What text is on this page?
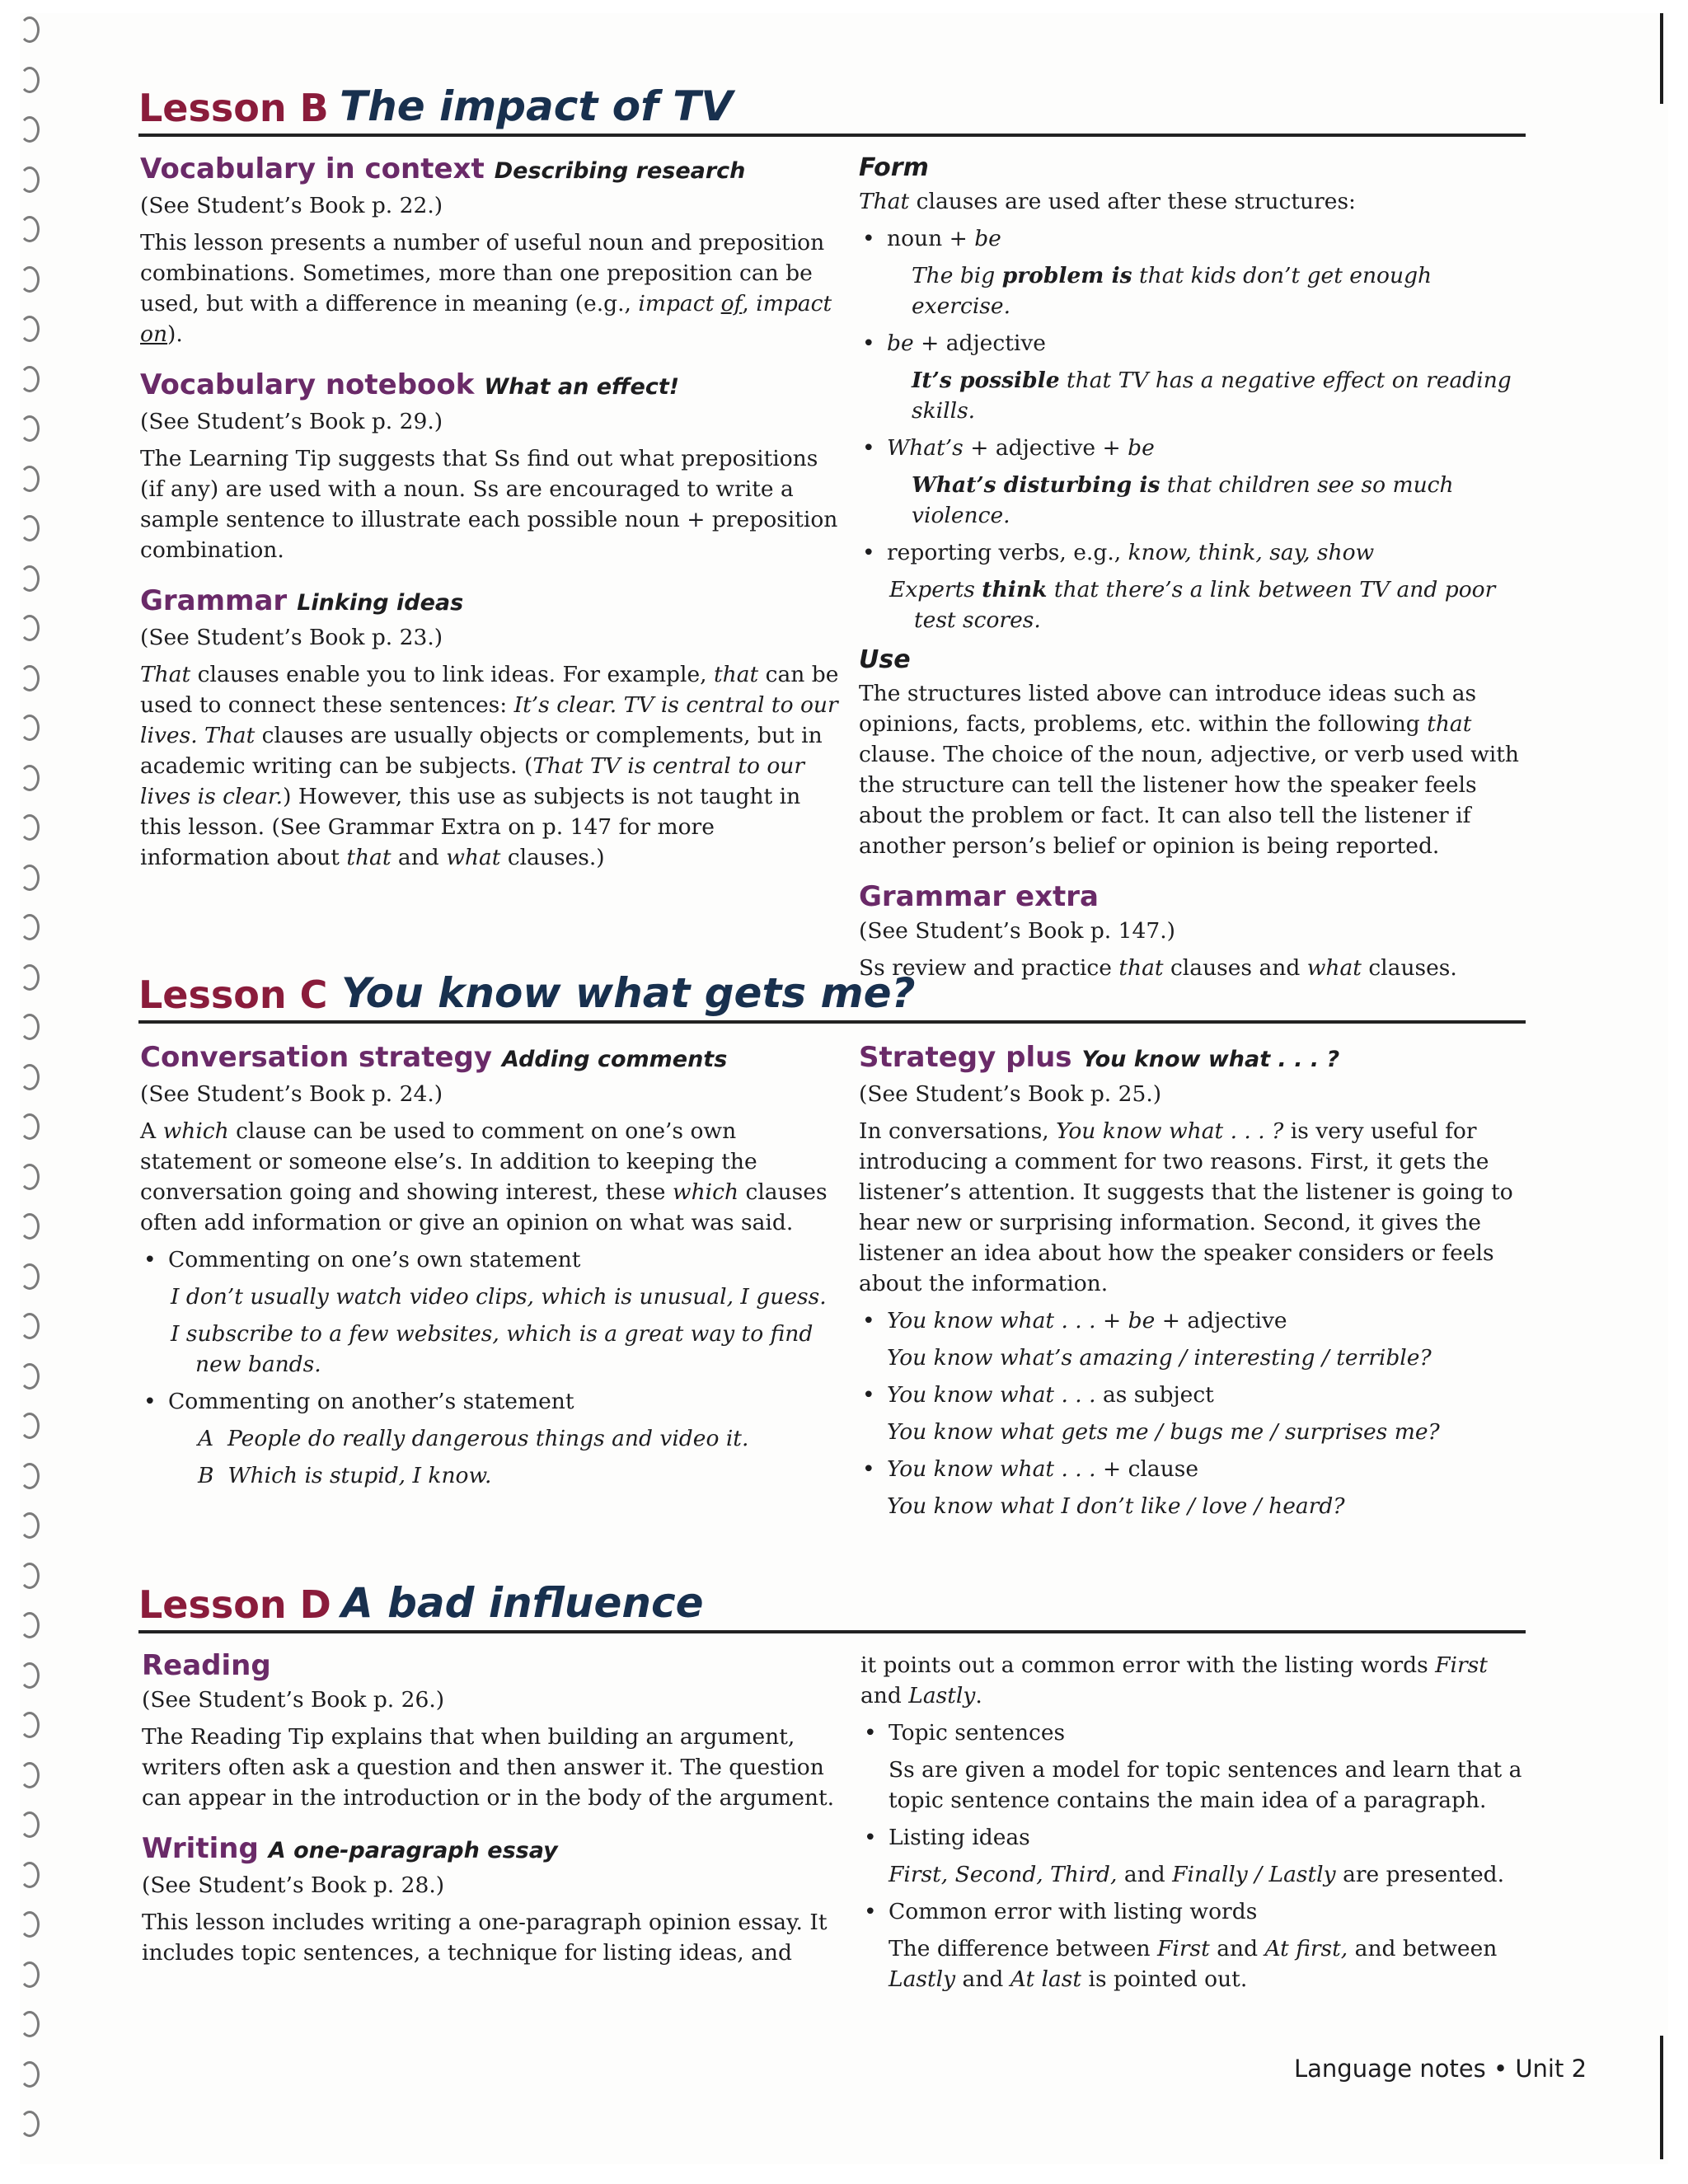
Lesson B The impact of TV
Vocabulary in context Describing research

(See Student’s Book p. 22.)

This lesson presents a number of useful noun and preposition combinations. Sometimes, more than one preposition can be used, but with a difference in meaning (e.g., impact of, impact on).

Vocabulary notebook What an effect!

(See Student’s Book p. 29.)

The Learning Tip suggests that Ss find out what prepositions (if any) are used with a noun. Ss are encouraged to write a sample sentence to illustrate each possible noun + preposition combination.

Grammar Linking ideas

(See Student’s Book p. 23.)

That clauses enable you to link ideas. For example, that can be used to connect these sentences: It’s clear. TV is central to our lives. That clauses are usually objects or complements, but in academic writing can be subjects. (That TV is central to our lives is clear.) However, this use as subjects is not taught in this lesson. (See Grammar Extra on p. 147 for more information about that and what clauses.)

Form

That clauses are used after these structures:

• noun + be
The big problem is that kids don’t get enough exercise.
• be + adjective
It’s possible that TV has a negative effect on reading skills.
• What’s + adjective + be
What’s disturbing is that children see so much violence.
• reporting verbs, e.g., know, think, say, show
Experts think that there’s a link between TV and poor test scores.
Use

The structures listed above can introduce ideas such as opinions, facts, problems, etc. within the following that clause. The choice of the noun, adjective, or verb used with the structure can tell the listener how the speaker feels about the problem or fact. It can also tell the listener if another person’s belief or opinion is being reported.

Grammar extra

(See Student’s Book p. 147.)

Ss review and practice that clauses and what clauses.

Lesson C You know what gets me?
Conversation strategy Adding comments

(See Student’s Book p. 24.)

A which clause can be used to comment on one’s own statement or someone else’s. In addition to keeping the conversation going and showing interest, these which clauses often add information or give an opinion on what was said.

• Commenting on one’s own statement
I don’t usually watch video clips, which is unusual, I guess.
I subscribe to a few websites, which is a great way to find new bands.
• Commenting on another’s statement
A People do really dangerous things and video it.
B Which is stupid, I know.
Strategy plus You know what . . . ?

(See Student’s Book p. 25.)

In conversations, You know what . . . ? is very useful for introducing a comment for two reasons. First, it gets the listener’s attention. It suggests that the listener is going to hear new or surprising information. Second, it gives the listener an idea about how the speaker considers or feels about the information.

• You know what . . . + be + adjective
You know what’s amazing / interesting / terrible?
• You know what . . . as subject
You know what gets me / bugs me / surprises me?
• You know what . . . + clause
You know what I don’t like / love / heard?
Lesson D A bad influence
Reading

(See Student’s Book p. 26.)

The Reading Tip explains that when building an argument, writers often ask a question and then answer it. The question can appear in the introduction or in the body of the argument.

Writing A one-paragraph essay

(See Student’s Book p. 28.)

This lesson includes writing a one-paragraph opinion essay. It includes topic sentences, a technique for listing ideas, and

it points out a common error with the listing words First and Lastly.

• Topic sentences
Ss are given a model for topic sentences and learn that a topic sentence contains the main idea of a paragraph.
• Listing ideas
First, Second, Third, and Finally / Lastly are presented.
• Common error with listing words
The difference between First and At first, and between Lastly and At last is pointed out.
Language notes • Unit 2
